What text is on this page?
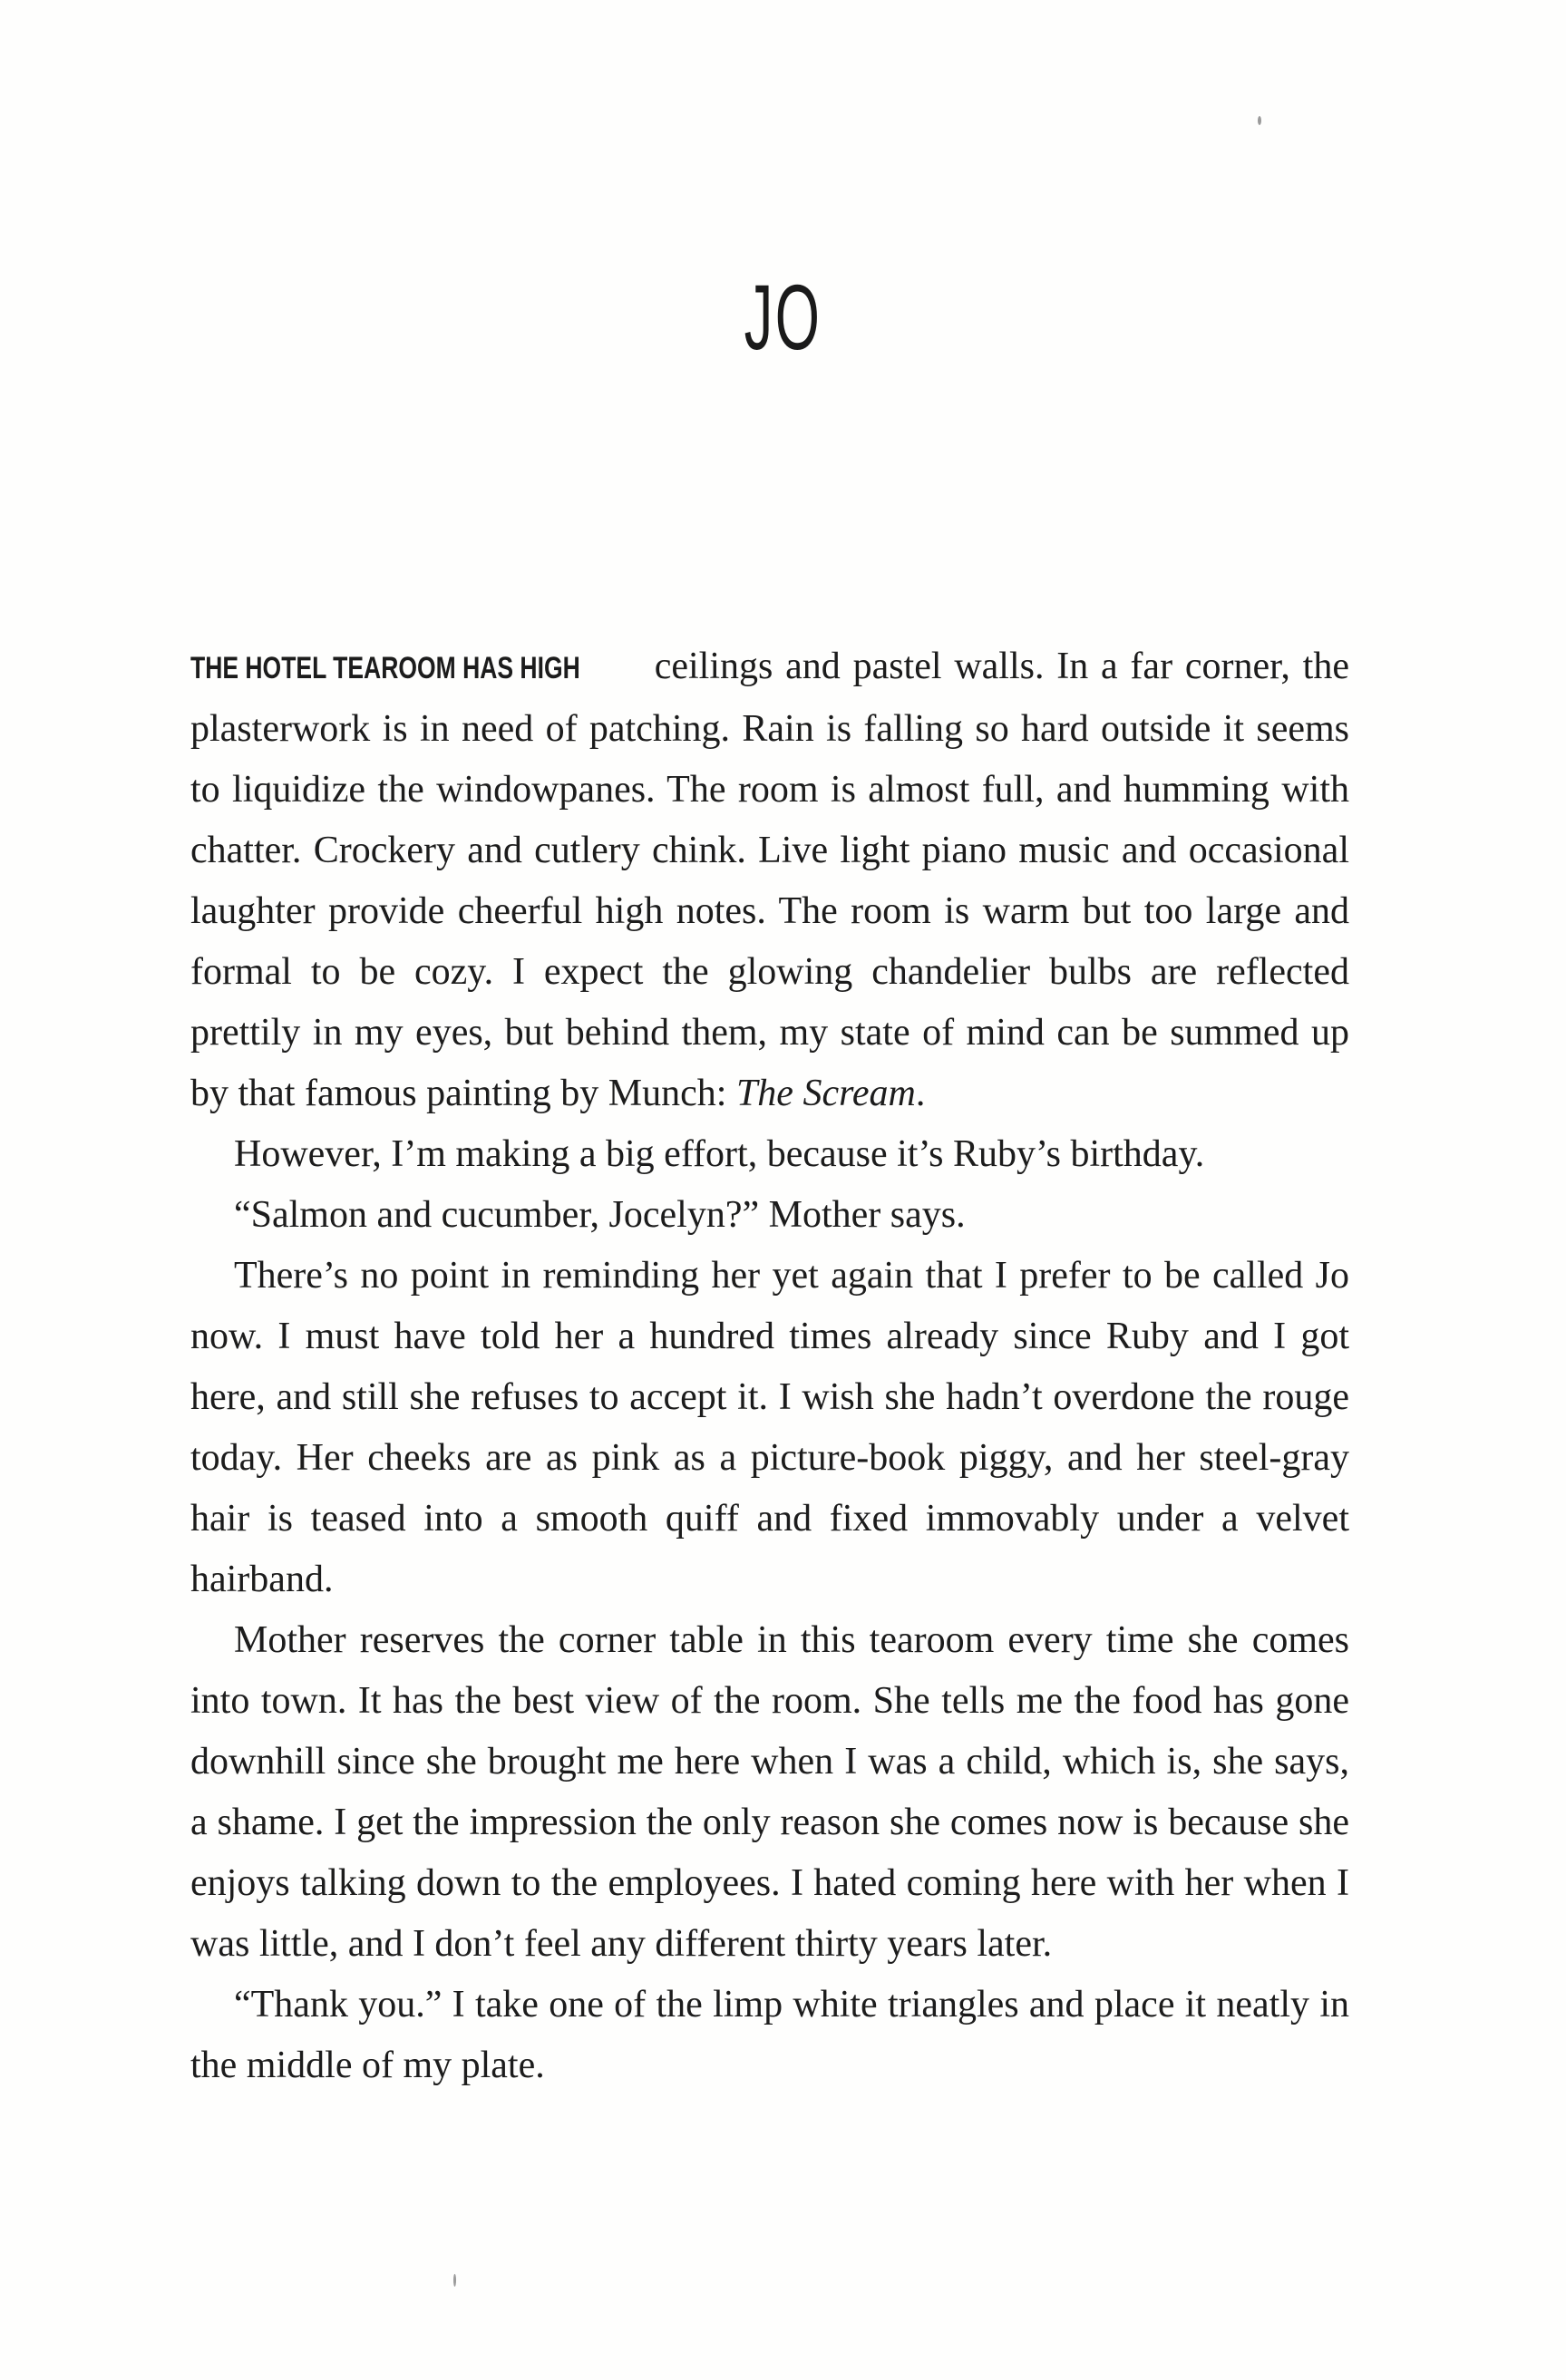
JO

THE HOTEL TEAROOM HAS HIGH ceilings and pastel walls. In a far corner, the plasterwork is in need of patching. Rain is falling so hard outside it seems to liquidize the windowpanes. The room is almost full, and humming with chatter. Crockery and cutlery chink. Live light piano music and occasional laughter provide cheerful high notes. The room is warm but too large and formal to be cozy. I expect the glowing chandelier bulbs are reflected prettily in my eyes, but behind them, my state of mind can be summed up by that famous painting by Munch: The Scream.

However, I’m making a big effort, because it’s Ruby’s birthday.

“Salmon and cucumber, Jocelyn?” Mother says.

There’s no point in reminding her yet again that I prefer to be called Jo now. I must have told her a hundred times already since Ruby and I got here, and still she refuses to accept it. I wish she hadn’t overdone the rouge today. Her cheeks are as pink as a picture-book piggy, and her steel-gray hair is teased into a smooth quiff and fixed immovably under a velvet hairband.

Mother reserves the corner table in this tearoom every time she comes into town. It has the best view of the room. She tells me the food has gone downhill since she brought me here when I was a child, which is, she says, a shame. I get the impression the only reason she comes now is because she enjoys talking down to the employees. I hated coming here with her when I was little, and I don’t feel any different thirty years later.

“Thank you.” I take one of the limp white triangles and place it neatly in the middle of my plate.
